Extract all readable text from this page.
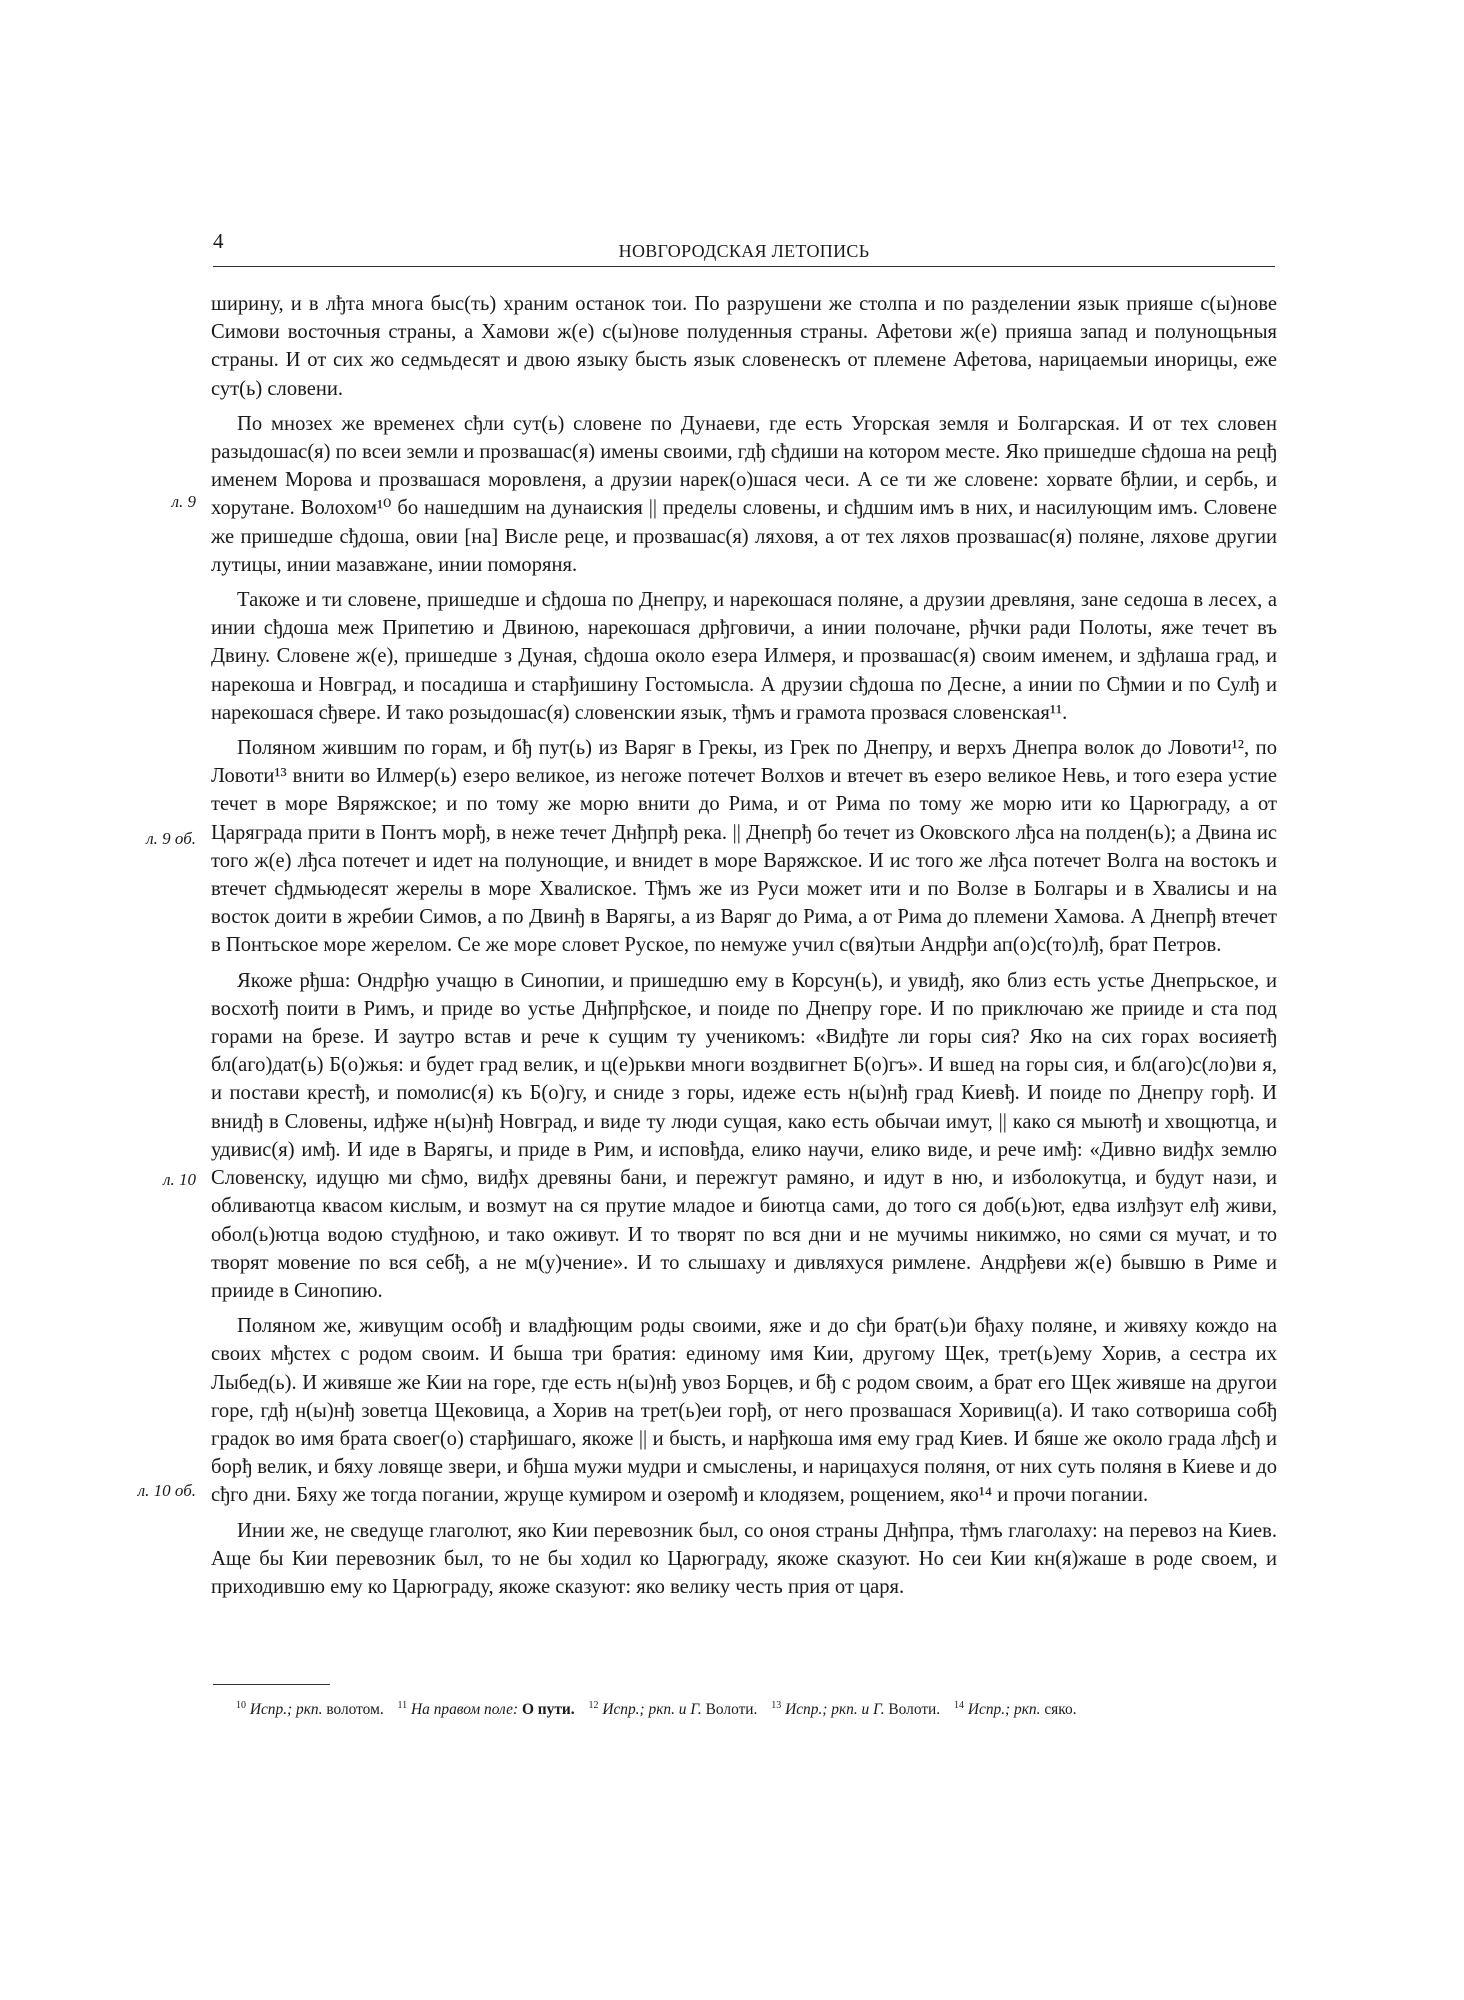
4	НОВГОРОДСКАЯ ЛЕТОПИСЬ
л. 9
л. 9 об.
л. 10
л. 10 об.

ширину, и в лђта многа быс(ть) храним останок тои. По разрушени же столпа и по разделении язык прияше с(ы)нове Симови восточныя страны, а Хамови ж(е) с(ы)нове полуденныя страны. Афетови ж(е) прияша запад и полунощьныя страны. И от сих жо седмьдесят и двою языку бысть язык словенескъ от племене Афетова, нарицаемыи инорицы, еже сут(ь) словени.

По мнозех же временех сђли сут(ь) словене по Дунаеви, где есть Угорская земля и Болгарская. И от тех словен разыдошас(я) по всеи земли и прозвашас(я) имены своими, гдђ сђдиши на котором месте. Яко пришедше сђдоша на рецђ именем Морова и прозвашася моровленя, а друзии нарек(о)шася чеси. А се ти же словене: хорвате бђлии, и сербь, и хорутане. Волохом¹⁰ бо нашедшим на дунаиския || пределы словены, и сђдшим имъ в них, и насилующим имъ. Словене же пришедше сђдоша, овии [на] Висле реце, и прозвашас(я) ляховя, а от тех ляхов прозвашас(я) поляне, ляхове другии лутицы, инии мазавжане, инии поморяня.

Такоже и ти словене, пришедше и сђдоша по Днепру, и нарекошася поляне, а друзии древляня, зане седоша в лесех, а инии сђдоша меж Припетию и Двиною, нарекошася дрђговичи, а инии полочане, рђчки ради Полоты, яже течет въ Двину. Словене ж(е), пришедше з Дуная, сђдоша около езера Илмеря, и прозвашас(я) своим именем, и здђлаша град, и нарекоша и Новград, и посадиша и старђишину Гостомысла. А друзии сђдоша по Десне, а инии по Сђмии и по Сулђ и нарекошася сђвере. И тако розыдошас(я) словенскии язык, тђмъ и грамота прозвася словенская¹¹.

Поляном жившим по горам, и бђ пут(ь) из Варяг в Грекы, из Грек по Днепру, и верхъ Днепра волок до Ловоти¹², по Ловоти¹³ внити во Илмер(ь) езеро великое, из негоже потечет Волхов и втечет въ езеро великое Невь, и того езера устие течет в море Вяряжское; и по тому же морю внити до Рима, и от Рима по тому же морю ити ко Царюграду, а от Царяграда прити в Понтъ морђ, в неже течет Днђпрђ река. || Днепрђ бо течет из Оковского лђса на полден(ь); а Двина ис того ж(е) лђса потечет и идет на полунощие, и внидет в море Варяжское. И ис того же лђса потечет Волга на востокъ и втечет сђдмьюдесят жерелы в море Хвалиское. Тђмъ же из Руси может ити и по Волзе в Болгары и в Хвалисы и на восток доити в жребии Симов, а по Двинђ в Варягы, а из Варяг до Рима, а от Рима до племени Хамова. А Днепрђ втечет в Понтьское море жерелом. Се же море словет Руское, по немуже учил с(вя)тыи Андрђи ап(о)с(то)лђ, брат Петров.

Якоже рђша: Ондрђю учащю в Синопии, и пришедшю ему в Корсун(ь), и увидђ, яко близ есть устье Днепрьское, и восхотђ поити в Римъ, и приде во устье Днђпрђское, и поиде по Днепру горе. И по приключаю же прииде и ста под горами на брезе. И заутро встав и рече к сущим ту ученикомъ: «Видђте ли горы сия? Яко на сих горах восияетђ бл(аго)дат(ь) Б(о)жья: и будет град велик, и ц(е)рькви многи воздвигнет Б(о)гъ». И вшед на горы сия, и бл(аго)с(ло)ви я, и постави крестђ, и помолис(я) къ Б(о)гу, и сниде з горы, идеже есть н(ы)нђ град Киевђ. И поиде по Днепру горђ. И внидђ в Словены, идђже н(ы)нђ Новград, и виде ту люди сущая, како есть обычаи имут, || како ся мыютђ и хвощютца, и удивис(я) имђ. И иде в Варягы, и приде в Рим, и исповђда, елико научи, елико виде, и рече имђ: «Дивно видђх землю Словенску, идущю ми сђмо, видђх древяны бани, и пережгут рамяно, и идут в ню, и изболокутца, и будут нази, и обливаютца квасом кислым, и возмут на ся прутие младое и биютца сами, до того ся доб(ь)ют, едва излђзут елђ живи, обол(ь)ютца водою студђною, и тако оживут. И то творят по вся дни и не мучимы никимжо, но сями ся мучат, и то творят мовение по вся себђ, а не м(у)чение». И то слышаху и дивляхуся римлене. Андрђеви ж(е) бывшю в Риме и прииде в Синопию.

Поляном же, живущим особђ и владђющим роды своими, яже и до сђи брат(ь)и бђаху поляне, и живяху кождо на своих мђстех с родом своим. И быша три братия: единому имя Кии, другому Щек, трет(ь)ему Хорив, а сестра их Лыбед(ь). И живяше же Кии на горе, где есть н(ы)нђ увоз Борцев, и бђ с родом своим, а брат его Щек живяше на другои горе, гдђ н(ы)нђ зоветца Щековица, а Хорив на трет(ь)еи горђ, от него прозвашася Хоривиц(а). И тако сотвориша собђ градок во имя брата своег(о) старђишаго, якоже || и бысть, и нарђкоша имя ему град Киев. И бяше же около града лђсђ и борђ велик, и бяху ловяще звери, и бђша мужи мудри и смыслены, и нарицахуся поляня, от них суть поляня в Киеве и до сђго дни. Бяху же тогда погании, жруще кумиром и озеромђ и клодязем, рощением, яко¹⁴ и прочи погании.

Инии же, не сведуще глаголют, яко Кии перевозник был, со оноя страны Днђпра, тђмъ глаголаху: на перевоз на Киев. Аще бы Кии перевозник был, то не бы ходил ко Царюграду, якоже сказуют. Но сеи Кии кн(я)жаше в роде своем, и приходившю ему ко Царюграду, якоже сказуют: яко велику честь прия от царя.

$^{10}$ Испр.; ркп. волотом. $^{11}$ На правом поле: О пути. $^{12}$ Испр.; ркп. и Г. Волоти. $^{13}$ Испр.; ркп. и Г. Волоти. $^{14}$ Испр.; ркп. сяко.
